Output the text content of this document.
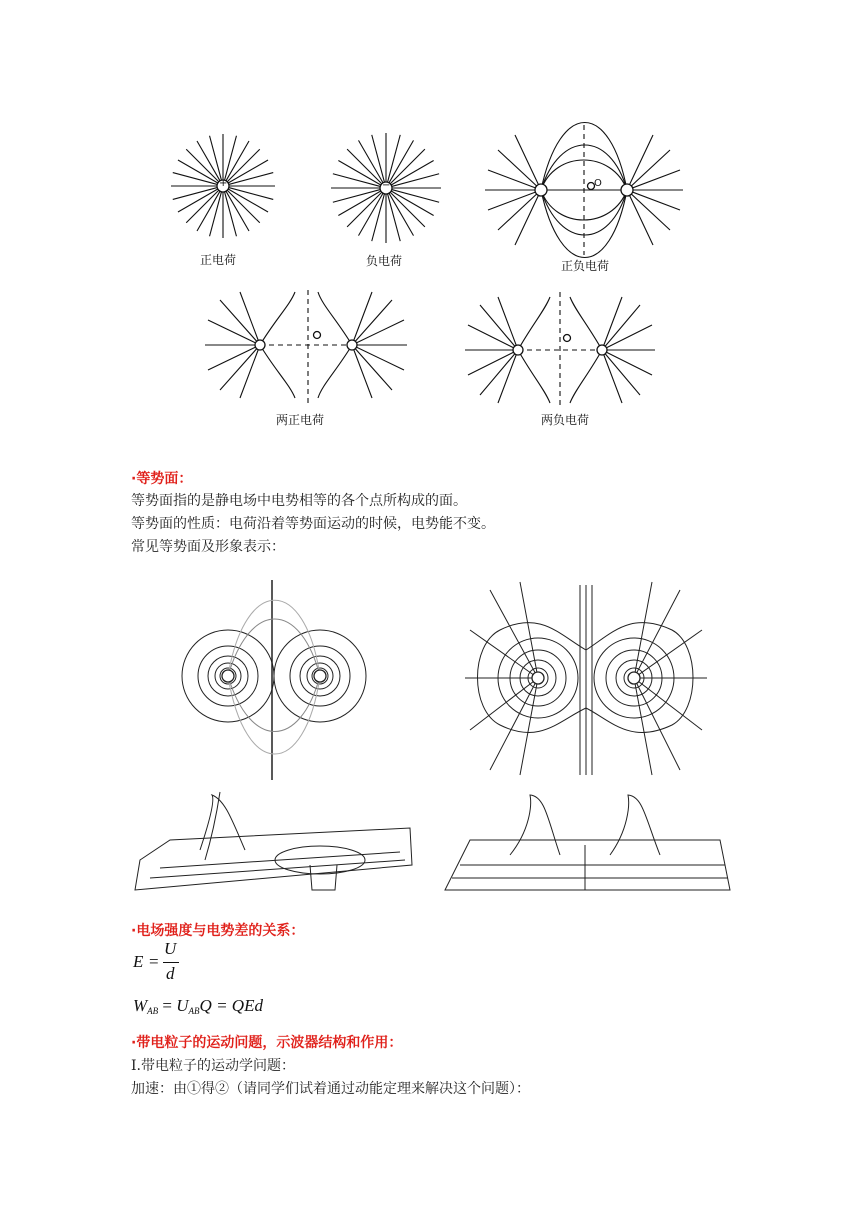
正电荷	负电荷	正负电荷
两正电荷	两负电荷
·等势面：
等势面指的是静电场中电势相等的各个点所构成的面。
等势面的性质：电荷沿着等势面运动的时候，电势能不变。
常见等势面及形象表示：
+	−	O
·电场强度与电势差的关系：
E =
U
d
$W_{AB} = U_{AB}Q$ = QEd
·带电粒子的运动问题，示波器结构和作用：
Ⅰ.带电粒子的运动学问题：
加速：由①得②（请同学们试着通过动能定理来解决这个问题）：
